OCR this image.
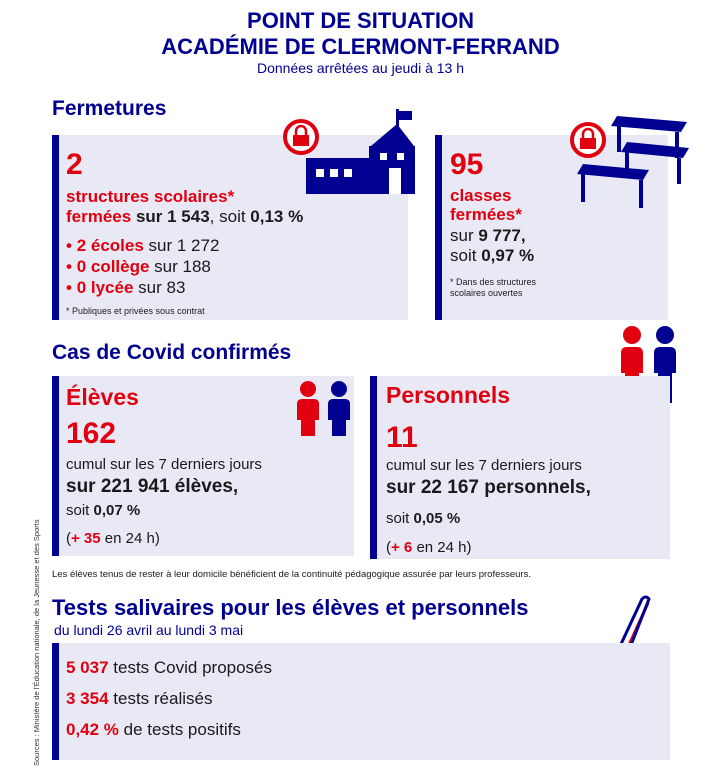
POINT DE SITUATION
ACADÉMIE DE CLERMONT-FERRAND
Données arrêtées au jeudi à 13 h
Fermetures
2
structures scolaires*
fermées sur 1 543, soit 0,13 %
• 2 écoles sur 1 272
• 0 collège sur 188
• 0 lycée sur 83
* Publiques et privées sous contrat
95
classes
fermées*
sur 9 777,
soit 0,97 %
* Dans des structures
scolaires ouvertes
Cas de Covid confirmés
Élèves
162
cumul sur les 7 derniers jours
sur 221 941 élèves,
soit 0,07 %
(+ 35 en 24 h)
Personnels
11
cumul sur les 7 derniers jours
sur 22 167 personnels,
soit 0,05 %
(+ 6 en 24 h)
Les élèves tenus de rester à leur domicile bénéficient de la continuité pédagogique assurée par leurs professeurs.
Tests salivaires pour les élèves et personnels
du lundi 26 avril au lundi 3 mai
5 037 tests Covid proposés
3 354 tests réalisés
0,42 % de tests positifs
Sources : Ministère de l'Éducation nationale, de la Jeunesse et des Sports
